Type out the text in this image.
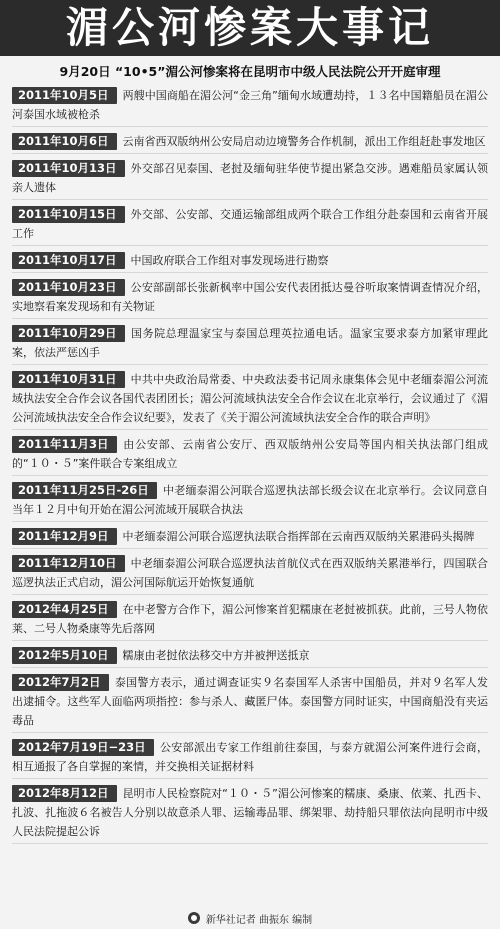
湄公河惨案大事记
9月20日 “10•5”湄公河惨案将在昆明市中级人民法院公开开庭审理

2011年10月5日 两艘中国商船在湄公河“金三角”缅甸水域遭劫持，１３名中国籍船员在湄公河泰国水域被枪杀

2011年10月6日 云南省西双版纳州公安局启动边境警务合作机制，派出工作组赶赴事发地区

2011年10月13日 外交部召见泰国、老挝及缅甸驻华使节提出紧急交涉。遇难船员家属认领亲人遗体

2011年10月15日 外交部、公安部、交通运输部组成两个联合工作组分赴泰国和云南省开展工作

2011年10月17日 中国政府联合工作组对事发现场进行勘察

2011年10月23日 公安部副部长张新枫率中国公安代表团抵达曼谷听取案情调查情况介绍，实地察看案发现场和有关物证

2011年10月29日 国务院总理温家宝与泰国总理英拉通电话。温家宝要求泰方加紧审理此案，依法严惩凶手

2011年10月31日 中共中央政治局常委、中央政法委书记周永康集体会见中老缅泰湄公河流域执法安全合作会议各国代表团团长；湄公河流域执法安全合作会议在北京举行，会议通过了《湄公河流域执法安全合作会议纪要》，发表了《关于湄公河流域执法安全合作的联合声明》

2011年11月3日 由公安部、云南省公安厅、西双版纳州公安局等国内相关执法部门组成的“１０・５”案件联合专案组成立

2011年11月25日-26日 中老缅泰湄公河联合巡逻执法部长级会议在北京举行。会议同意自当年１２月中旬开始在湄公河流域开展联合执法

2011年12月9日 中老缅泰湄公河联合巡逻执法联合指挥部在云南西双版纳关累港码头揭牌

2011年12月10日 中老缅泰湄公河联合巡逻执法首航仪式在西双版纳关累港举行，四国联合巡逻执法正式启动，湄公河国际航运开始恢复通航

2012年4月25日 在中老警方合作下，湄公河惨案首犯糯康在老挝被抓获。此前，三号人物依莱、二号人物桑康等先后落网

2012年5月10日 糯康由老挝依法移交中方并被押送抵京

2012年7月2日 泰国警方表示，通过调查证实９名泰国军人杀害中国船员，并对９名军人发出逮捕令。这些军人面临两项指控：参与杀人、藏匿尸体。泰国警方同时证实，中国商船没有夹运毒品

2012年7月19日−23日 公安部派出专家工作组前往泰国，与泰方就湄公河案件进行会商，相互通报了各自掌握的案情，并交换相关证据材料

2012年8月12日 昆明市人民检察院对“１０・５”湄公河惨案的糯康、桑康、依莱、扎西卡、扎波、扎拖波６名被告人分别以故意杀人罪、运输毒品罪、绑架罪、劫持船只罪依法向昆明市中级人民法院提起公诉

新华社记者 曲振东 编制
